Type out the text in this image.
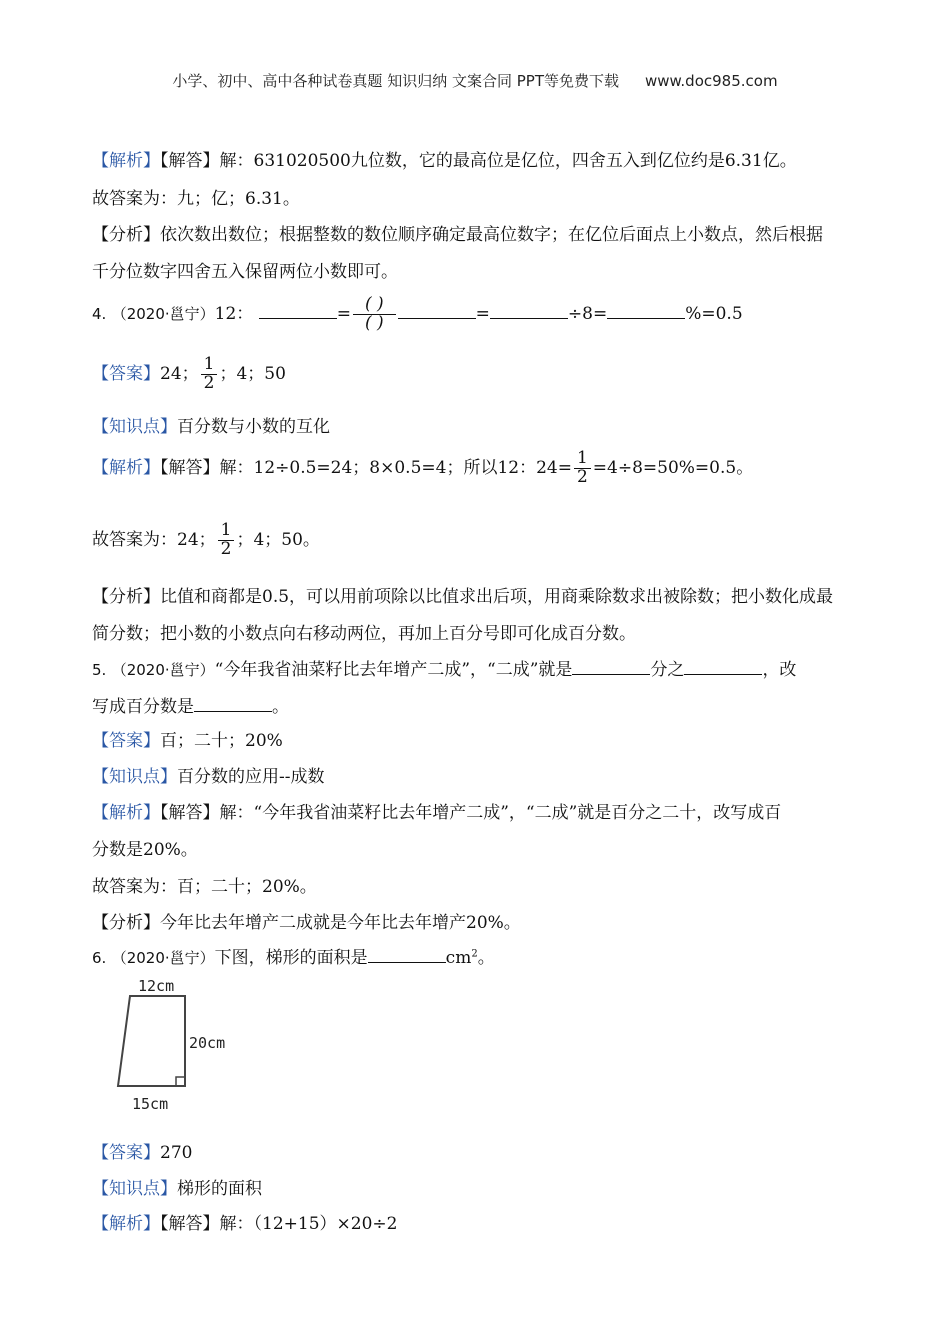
小学、初中、高中各种试卷真题 知识归纳 文案合同 PPT等免费下载 www.doc985.com
【解析】【解答】解：631020500九位数，它的最高位是亿位，四舍五入到亿位约是6.31亿。
故答案为：九；亿；6.31。
【分析】依次数出数位；根据整数的数位顺序确定最高位数字；在亿位后面点上小数点，然后根据
千分位数字四舍五入保留两位小数即可。
4. （2020·邕宁）12：	= $\frac{( )}{( )}$	=	÷8=	%=0.5
【答案】24； $\frac{1}{2}$ ；4；50
【知识点】百分数与小数的互化
【解析】【解答】解：12÷0.5=24；8×0.5=4；所以12：$24= \frac{1}{2} =4\div 8=50\%=0.5$。
故答案为：24； $\frac{1}{2}$ ；4；50。
【分析】比值和商都是0.5，可以用前项除以比值求出后项，用商乘除数求出被除数；把小数化成最
简分数；把小数的小数点向右移动两位，再加上百分号即可化成百分数。
5. （2020·邕宁）“今年我省油菜籽比去年增产二成”，“二成”就是	分之	，改
写成百分数是	。
【答案】百；二十；20%
【知识点】百分数的应用--成数
【解析】【解答】解：“今年我省油菜籽比去年增产二成”，“二成”就是百分之二十，改写成百
分数是20%。
故答案为：百；二十；20%。
【分析】今年比去年增产二成就是今年比去年增产20%。
6. （2020·邕宁）下图，梯形的面积是	$cm^2$。
12cm
20cm
15cm
【答案】270
【知识点】梯形的面积
【解析】【解答】解：（12+15）×20÷2
